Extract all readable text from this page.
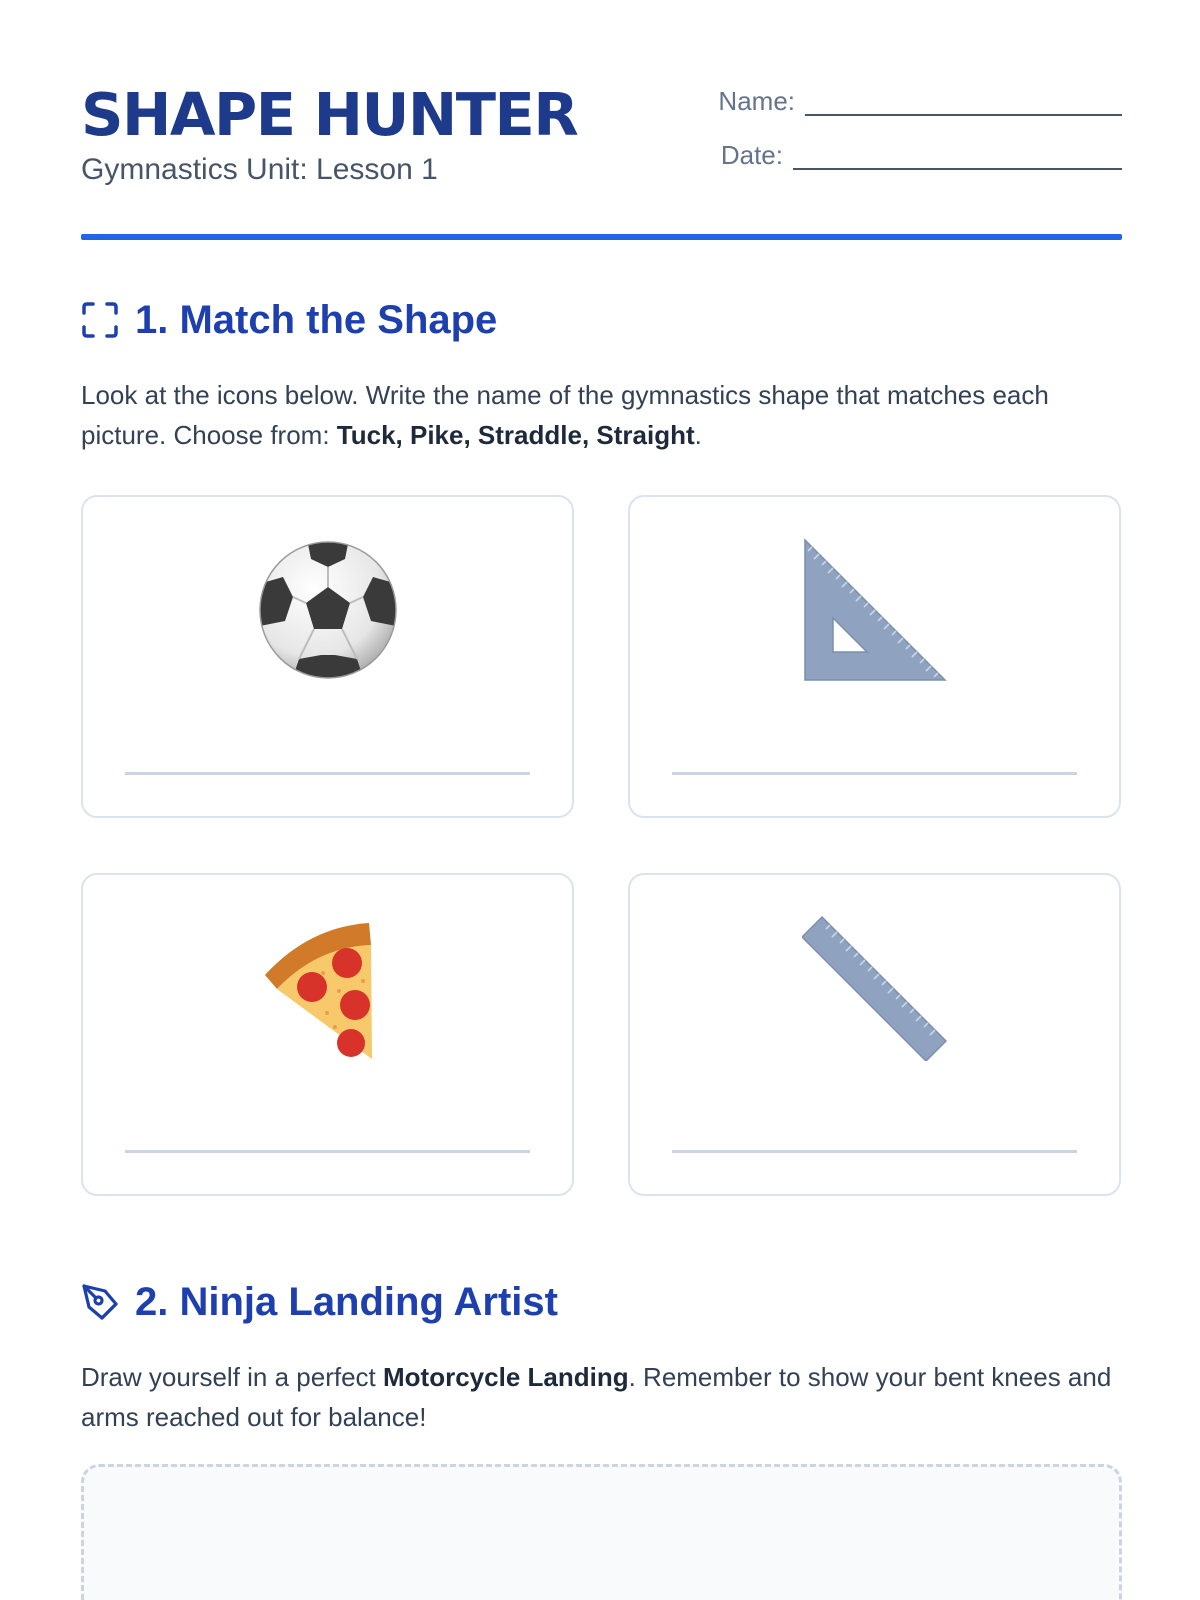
SHAPE HUNTER
Gymnastics Unit: Lesson 1
Name:
Date:
1. Match the Shape

Look at the icons below. Write the name of the gymnastics shape that matches each picture. Choose from: Tuck, Pike, Straddle, Straight.

2. Ninja Landing Artist

Draw yourself in a perfect Motorcycle Landing. Remember to show your bent knees and arms reached out for balance!
